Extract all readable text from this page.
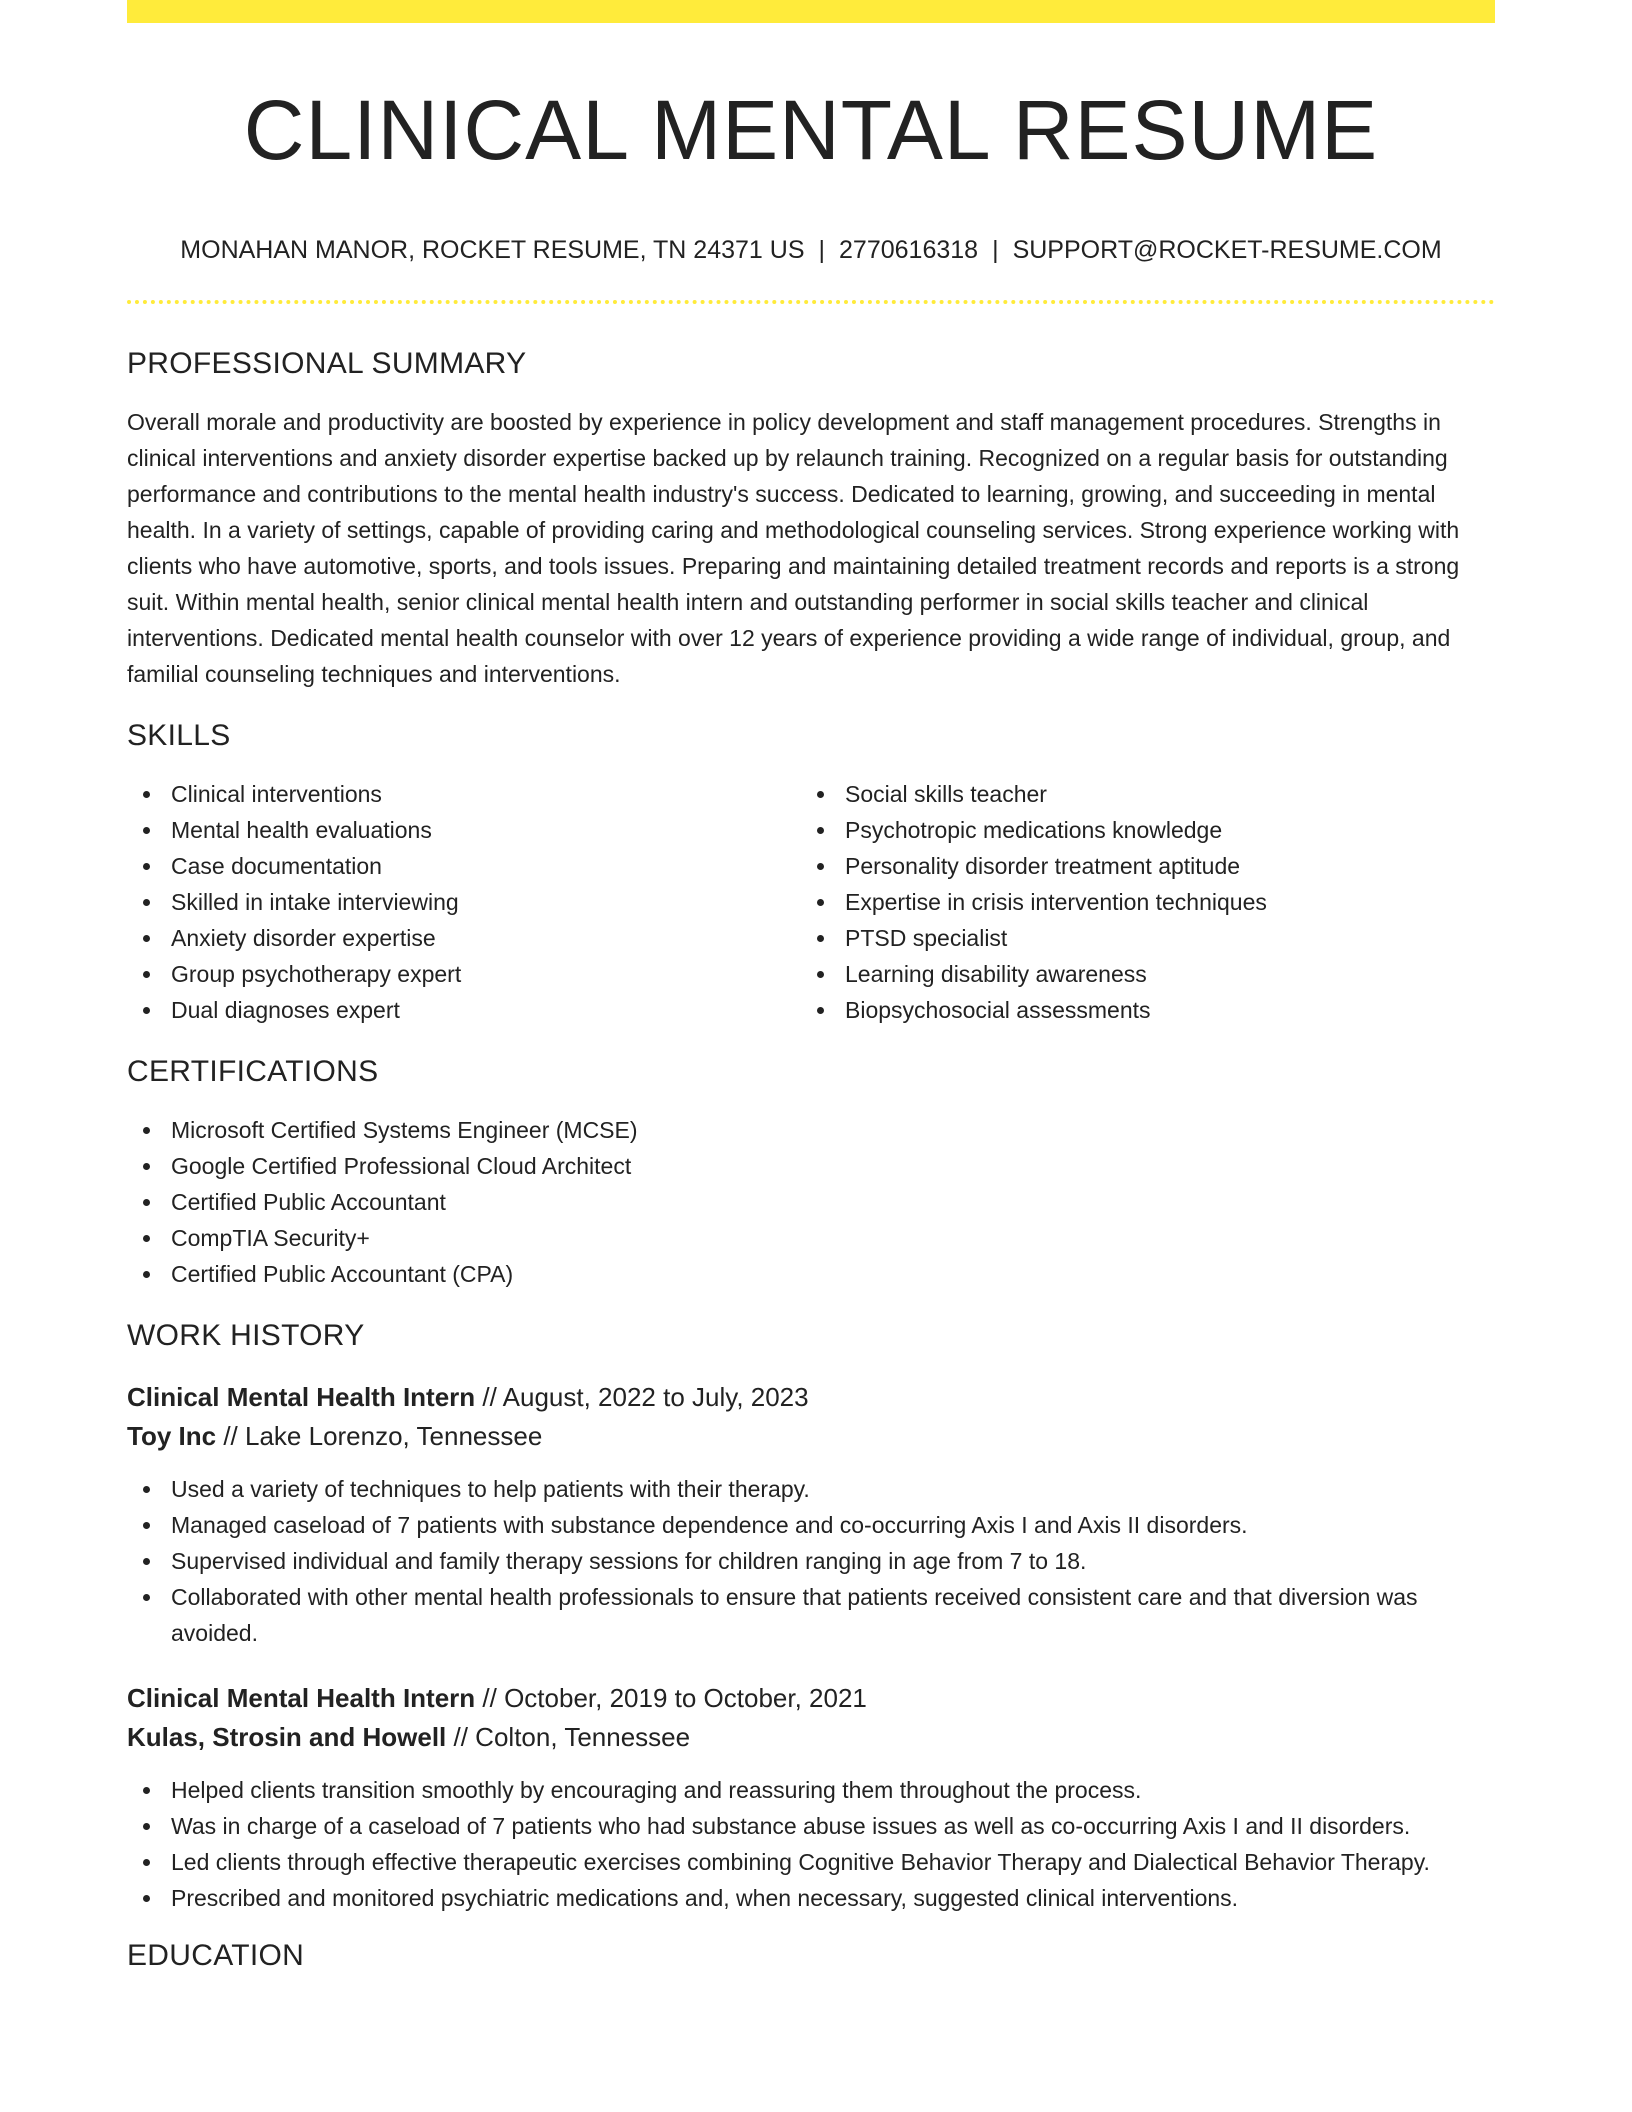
CLINICAL MENTAL RESUME
MONAHAN MANOR, ROCKET RESUME, TN 24371 US | 2770616318 | SUPPORT@ROCKET-RESUME.COM
PROFESSIONAL SUMMARY

Overall morale and productivity are boosted by experience in policy development and staff management procedures. Strengths in clinical interventions and anxiety disorder expertise backed up by relaunch training. Recognized on a regular basis for outstanding performance and contributions to the mental health industry's success. Dedicated to learning, growing, and succeeding in mental health. In a variety of settings, capable of providing caring and methodological counseling services. Strong experience working with clients who have automotive, sports, and tools issues. Preparing and maintaining detailed treatment records and reports is a strong suit. Within mental health, senior clinical mental health intern and outstanding performer in social skills teacher and clinical interventions. Dedicated mental health counselor with over 12 years of experience providing a wide range of individual, group, and familial counseling techniques and interventions.

SKILLS
Clinical interventions
Mental health evaluations
Case documentation
Skilled in intake interviewing
Anxiety disorder expertise
Group psychotherapy expert
Dual diagnoses expert
Social skills teacher
Psychotropic medications knowledge
Personality disorder treatment aptitude
Expertise in crisis intervention techniques
PTSD specialist
Learning disability awareness
Biopsychosocial assessments
CERTIFICATIONS
Microsoft Certified Systems Engineer (MCSE)
Google Certified Professional Cloud Architect
Certified Public Accountant
CompTIA Security+
Certified Public Accountant (CPA)
WORK HISTORY
Clinical Mental Health Intern // August, 2022 to July, 2023
Toy Inc // Lake Lorenzo, Tennessee
Used a variety of techniques to help patients with their therapy.
Managed caseload of 7 patients with substance dependence and co-occurring Axis I and Axis II disorders.
Supervised individual and family therapy sessions for children ranging in age from 7 to 18.
Collaborated with other mental health professionals to ensure that patients received consistent care and that diversion was avoided.
Clinical Mental Health Intern // October, 2019 to October, 2021
Kulas, Strosin and Howell // Colton, Tennessee
Helped clients transition smoothly by encouraging and reassuring them throughout the process.
Was in charge of a caseload of 7 patients who had substance abuse issues as well as co-occurring Axis I and II disorders.
Led clients through effective therapeutic exercises combining Cognitive Behavior Therapy and Dialectical Behavior Therapy.
Prescribed and monitored psychiatric medications and, when necessary, suggested clinical interventions.
EDUCATION
